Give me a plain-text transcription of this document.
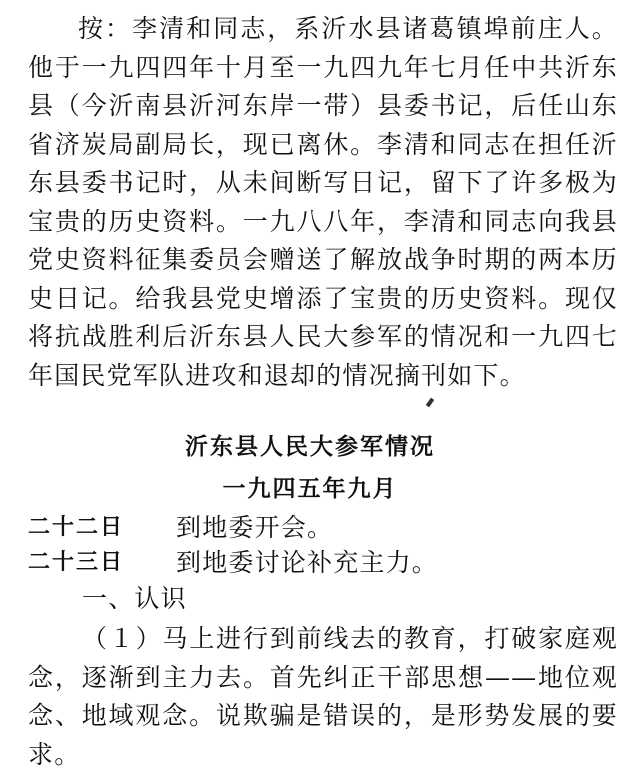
按：李清和同志，系沂水县诸葛镇埠前庄人。他于一九四四年十月至一九四九年七月任中共沂东县（今沂南县沂河东岸一带）县委书记，后任山东省济炭局副局长，现已离休。李清和同志在担任沂东县委书记时，从未间断写日记，留下了许多极为宝贵的历史资料。一九八八年，李清和同志向我县党史资料征集委员会赠送了解放战争时期的两本历史日记。给我县党史增添了宝贵的历史资料。现仅将抗战胜利后沂东县人民大参军的情况和一九四七年国民党军队进攻和退却的情况摘刊如下。

沂东县人民大参军情况
一九四五年九月
二十二日 到地委开会。
二十三日 到地委讨论补充主力。
一、认识

（１）马上进行到前线去的教育，打破家庭观念，逐渐到主力去。首先纠正干部思想——地位观念、地域观念。说欺骗是错误的，是形势发展的要求。
